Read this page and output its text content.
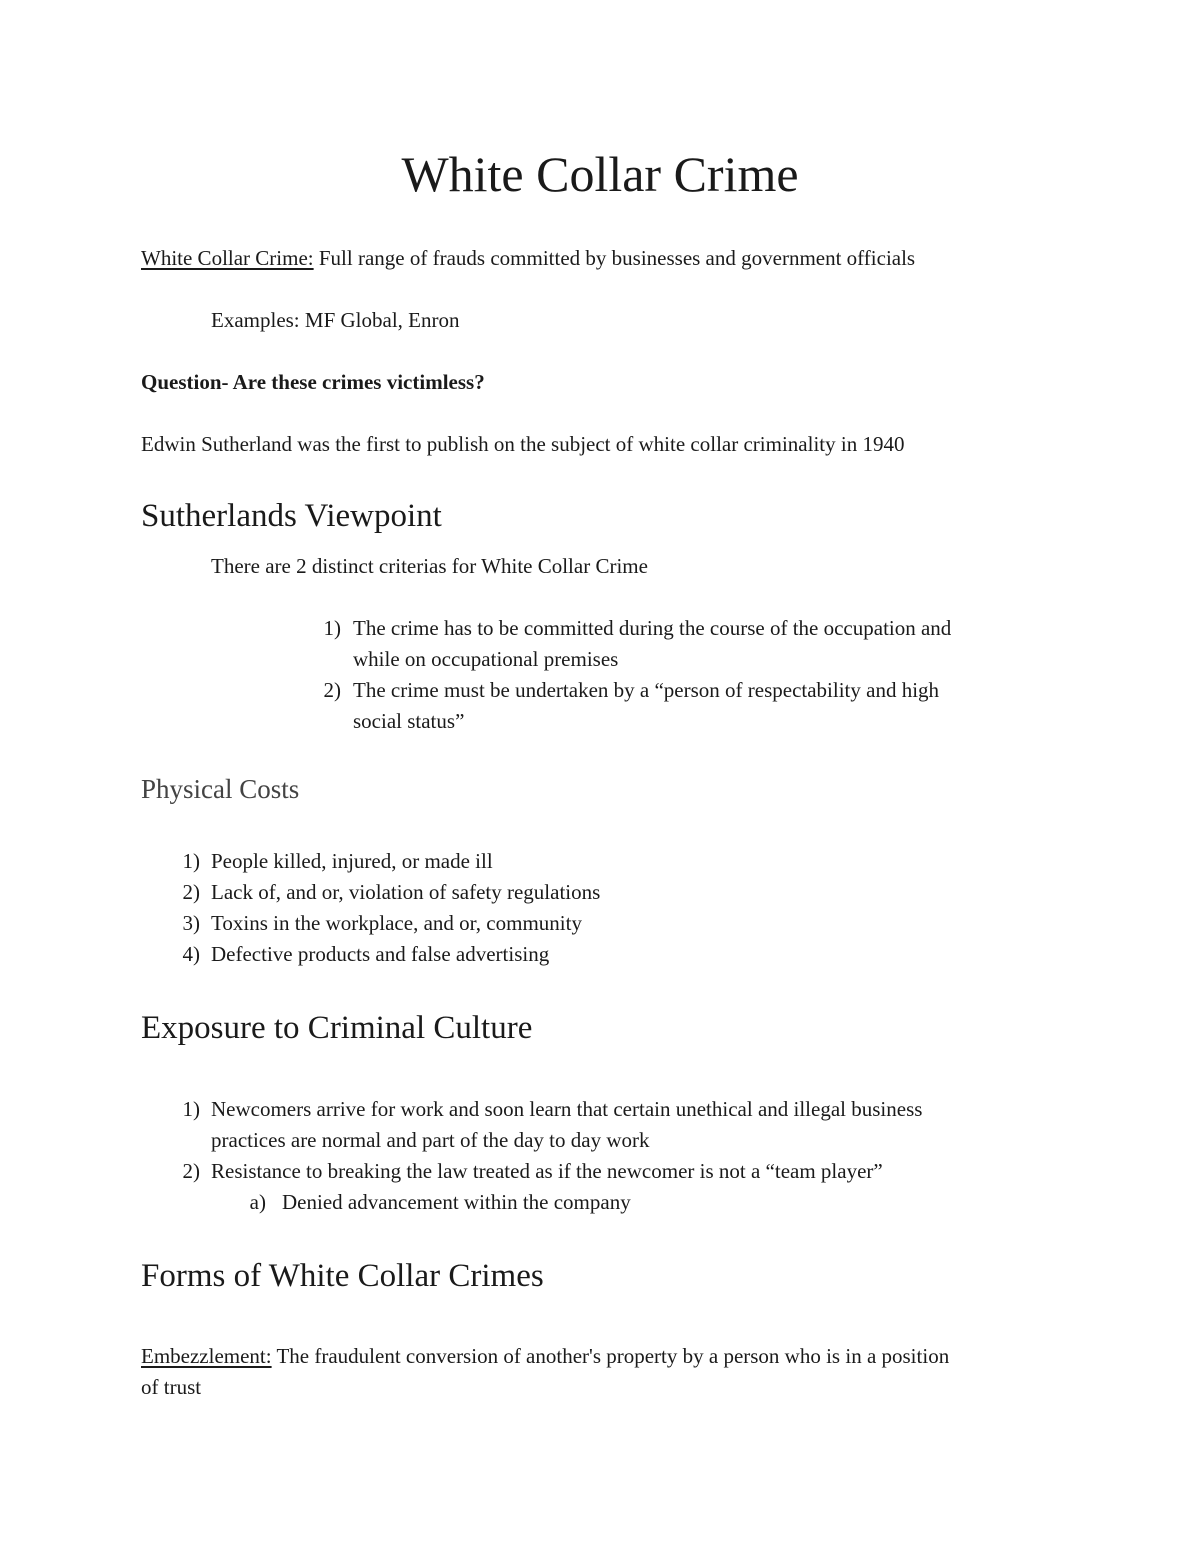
White Collar Crime
White Collar Crime: Full range of frauds committed by businesses and government officials
Examples: MF Global, Enron
Question- Are these crimes victimless?
Edwin Sutherland was the first to publish on the subject of white collar criminality in 1940
Sutherlands Viewpoint
There are 2 distinct criterias for White Collar Crime
1) The crime has to be committed during the course of the occupation and
while on occupational premises
2) The crime must be undertaken by a “person of respectability and high
social status”
Physical Costs
1) People killed, injured, or made ill
2) Lack of, and or, violation of safety regulations
3) Toxins in the workplace, and or, community
4) Defective products and false advertising
Exposure to Criminal Culture
1) Newcomers arrive for work and soon learn that certain unethical and illegal business
practices are normal and part of the day to day work
2) Resistance to breaking the law treated as if the newcomer is not a “team player”
a) Denied advancement within the company
Forms of White Collar Crimes
Embezzlement: The fraudulent conversion of another's property by a person who is in a position
of trust
